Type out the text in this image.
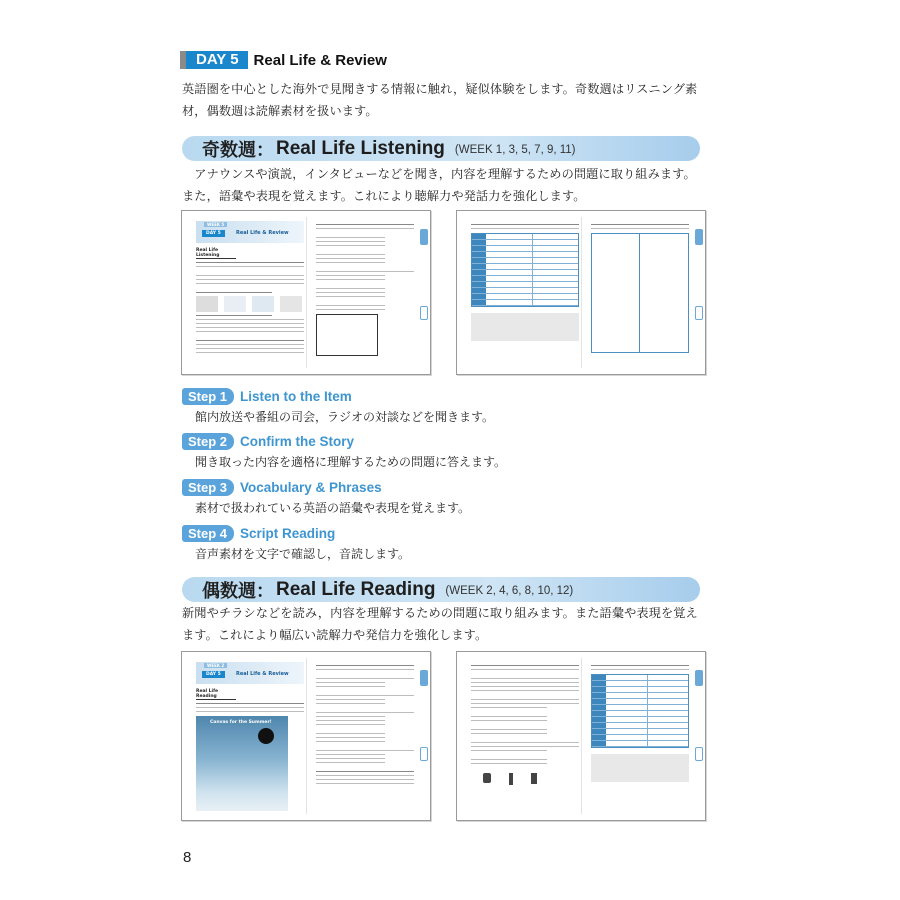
DAY 5	Real Life & Review

英語圏を中心とした海外で見聞きする情報に触れ，疑似体験をします。奇数週はリスニング素材，偶数週は読解素材を扱います。

奇数週： Real Life Listening (WEEK 1, 3, 5, 7, 9, 11)

　アナウンスや演説，インタビューなどを聞き，内容を理解するための問題に取り組みます。また，語彙や表現を覚えます。これにより聴解力や発話力を強化します。

WEEK 5
DAY 5	Real Life & Review
Real Life Listening
Step 1 Listen to the Item
館内放送や番組の司会，ラジオの対談などを聞きます。
Step 2 Confirm the Story
聞き取った内容を適格に理解するための問題に答えます。
Step 3 Vocabulary & Phrases
素材で扱われている英語の語彙や表現を覚えます。
Step 4 Script Reading
音声素材を文字で確認し，音読します。
偶数週： Real Life Reading (WEEK 2, 4, 6, 8, 10, 12)

新聞やチラシなどを読み，内容を理解するための問題に取り組みます。また語彙や表現を覚えます。これにより幅広い読解力や発信力を強化します。

WEEK 2
DAY 5	Real Life & Review
Real Life Reading
Canvas for the Summer!
8
